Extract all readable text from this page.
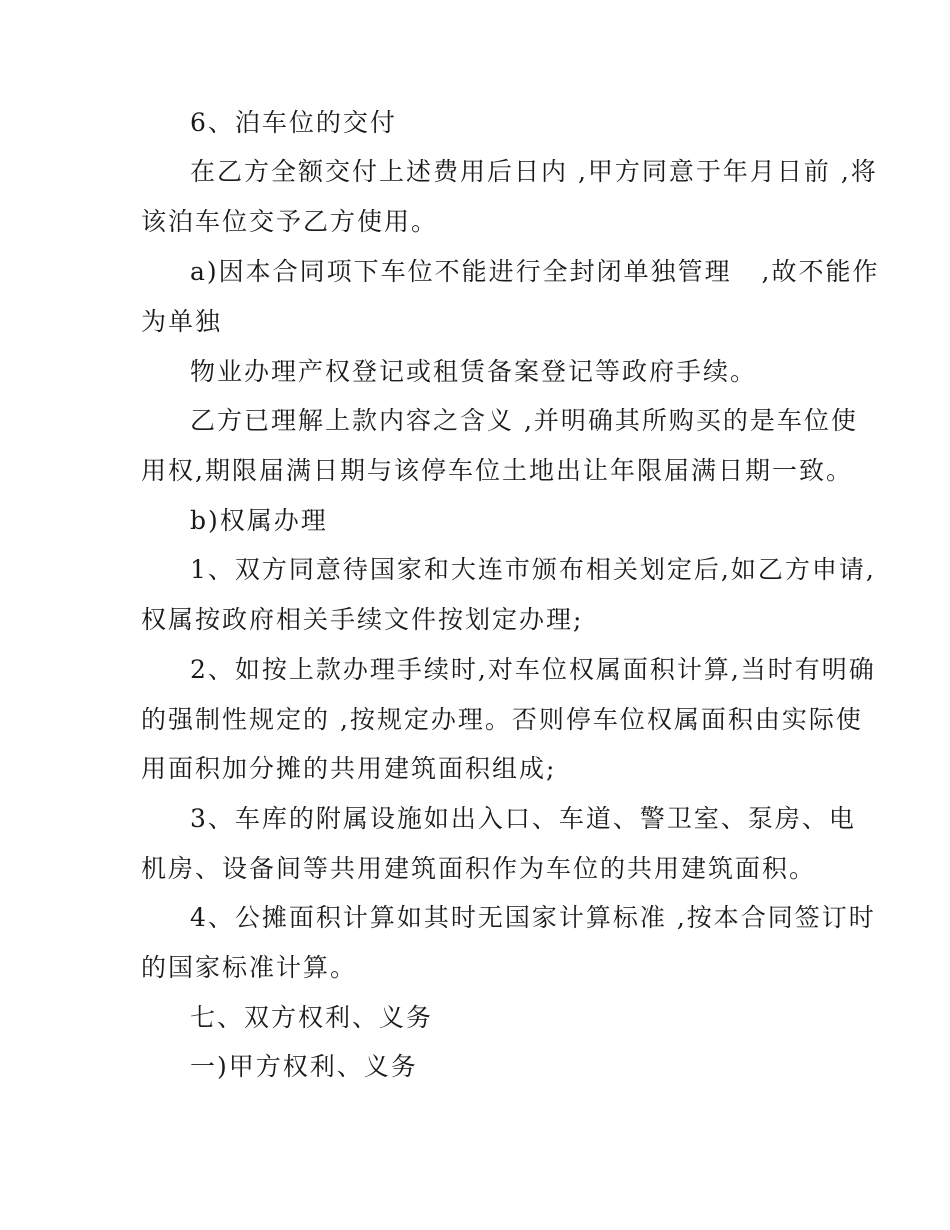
6、泊车位的交付
在乙方全额交付上述费用后日内 ,甲方同意于年月日前 ,将
该泊车位交予乙方使用。
a)因本合同项下车位不能进行全封闭单独管理   ,故不能作
为单独
物业办理产权登记或租赁备案登记等政府手续。
乙方已理解上款内容之含义 ,并明确其所购买的是车位使
用权,期限届满日期与该停车位土地出让年限届满日期一致。
b)权属办理
1、双方同意待国家和大连市颁布相关划定后,如乙方申请,
权属按政府相关手续文件按划定办理;
2、如按上款办理手续时,对车位权属面积计算,当时有明确
的强制性规定的 ,按规定办理。否则停车位权属面积由实际使
用面积加分摊的共用建筑面积组成;
3、车库的附属设施如出入口、车道、警卫室、泵房、电
机房、设备间等共用建筑面积作为车位的共用建筑面积。
4、公摊面积计算如其时无国家计算标准 ,按本合同签订时
的国家标准计算。
七、双方权利、义务
一)甲方权利、义务
